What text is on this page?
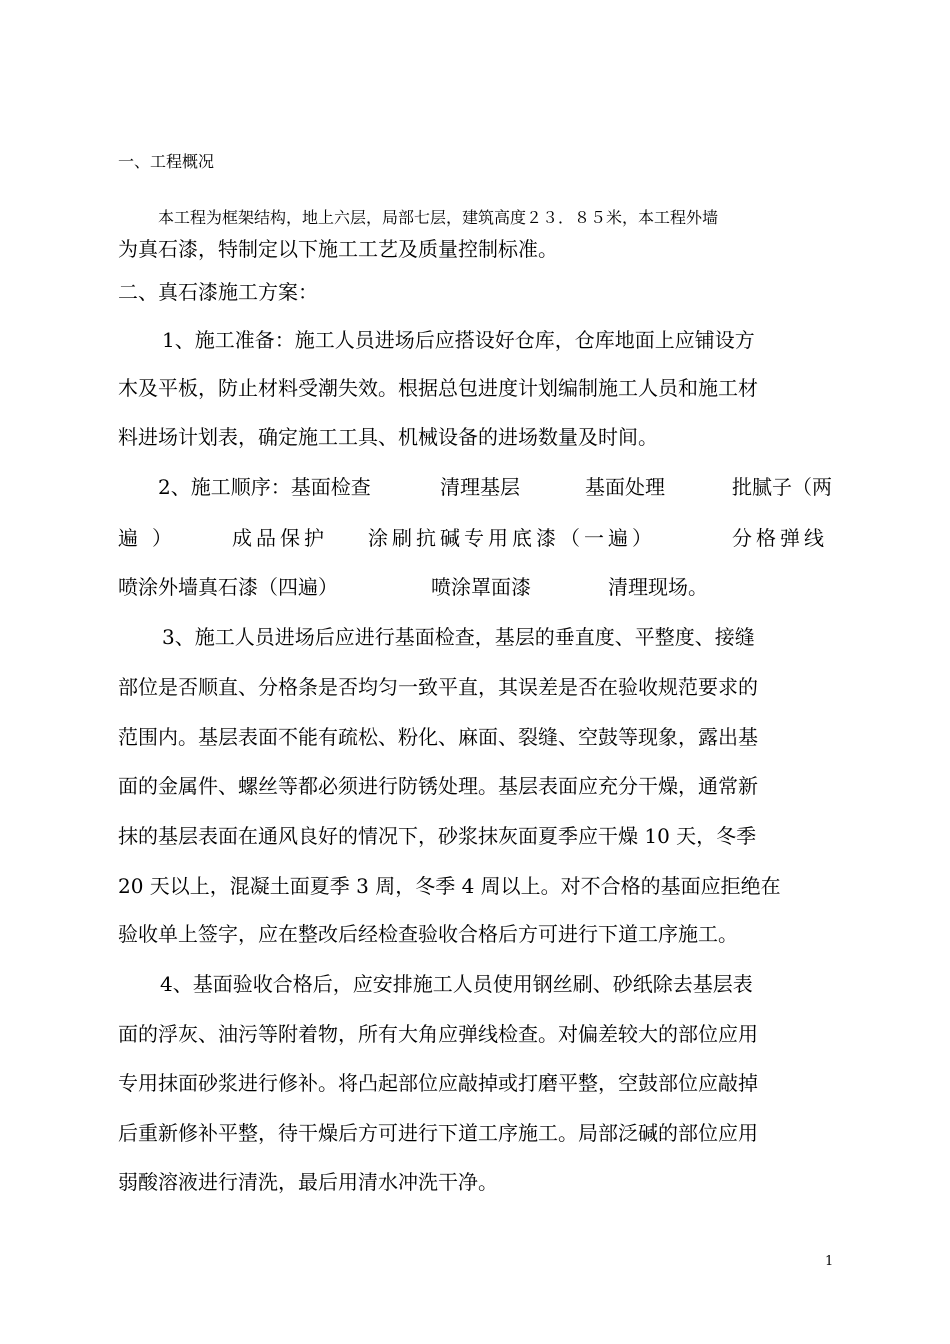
一、工程概况
本工程为框架结构，地上六层，局部七层，建筑高度２３．８５米，本工程外墙
为真石漆，特制定以下施工工艺及质量控制标准。
二、真石漆施工方案：
1、施工准备：施工人员进场后应搭设好仓库，仓库地面上应铺设方
木及平板，防止材料受潮失效。根据总包进度计划编制施工人员和施工材
料进场计划表，确定施工工具、机械设备的进场数量及时间。
2、施工顺序：基面检查	清理基层	基面处理	批腻子（两
遍） 成品保护 涂刷抗碱专用底漆（一遍）	分格弹线
喷涂外墙真石漆（四遍）	喷涂罩面漆	清理现场。
3、施工人员进场后应进行基面检查，基层的垂直度、平整度、接缝
部位是否顺直、分格条是否均匀一致平直，其误差是否在验收规范要求的
范围内。基层表面不能有疏松、粉化、麻面、裂缝、空鼓等现象，露出基
面的金属件、螺丝等都必须进行防锈处理。基层表面应充分干燥，通常新
抹的基层表面在通风良好的情况下，砂浆抹灰面夏季应干燥 10 天，冬季
20 天以上，混凝土面夏季 3 周，冬季 4 周以上。对不合格的基面应拒绝在
验收单上签字，应在整改后经检查验收合格后方可进行下道工序施工。
4、基面验收合格后，应安排施工人员使用钢丝刷、砂纸除去基层表
面的浮灰、油污等附着物，所有大角应弹线检查。对偏差较大的部位应用
专用抹面砂浆进行修补。将凸起部位应敲掉或打磨平整，空鼓部位应敲掉
后重新修补平整，待干燥后方可进行下道工序施工。局部泛碱的部位应用
弱酸溶液进行清洗，最后用清水冲洗干净。
1
